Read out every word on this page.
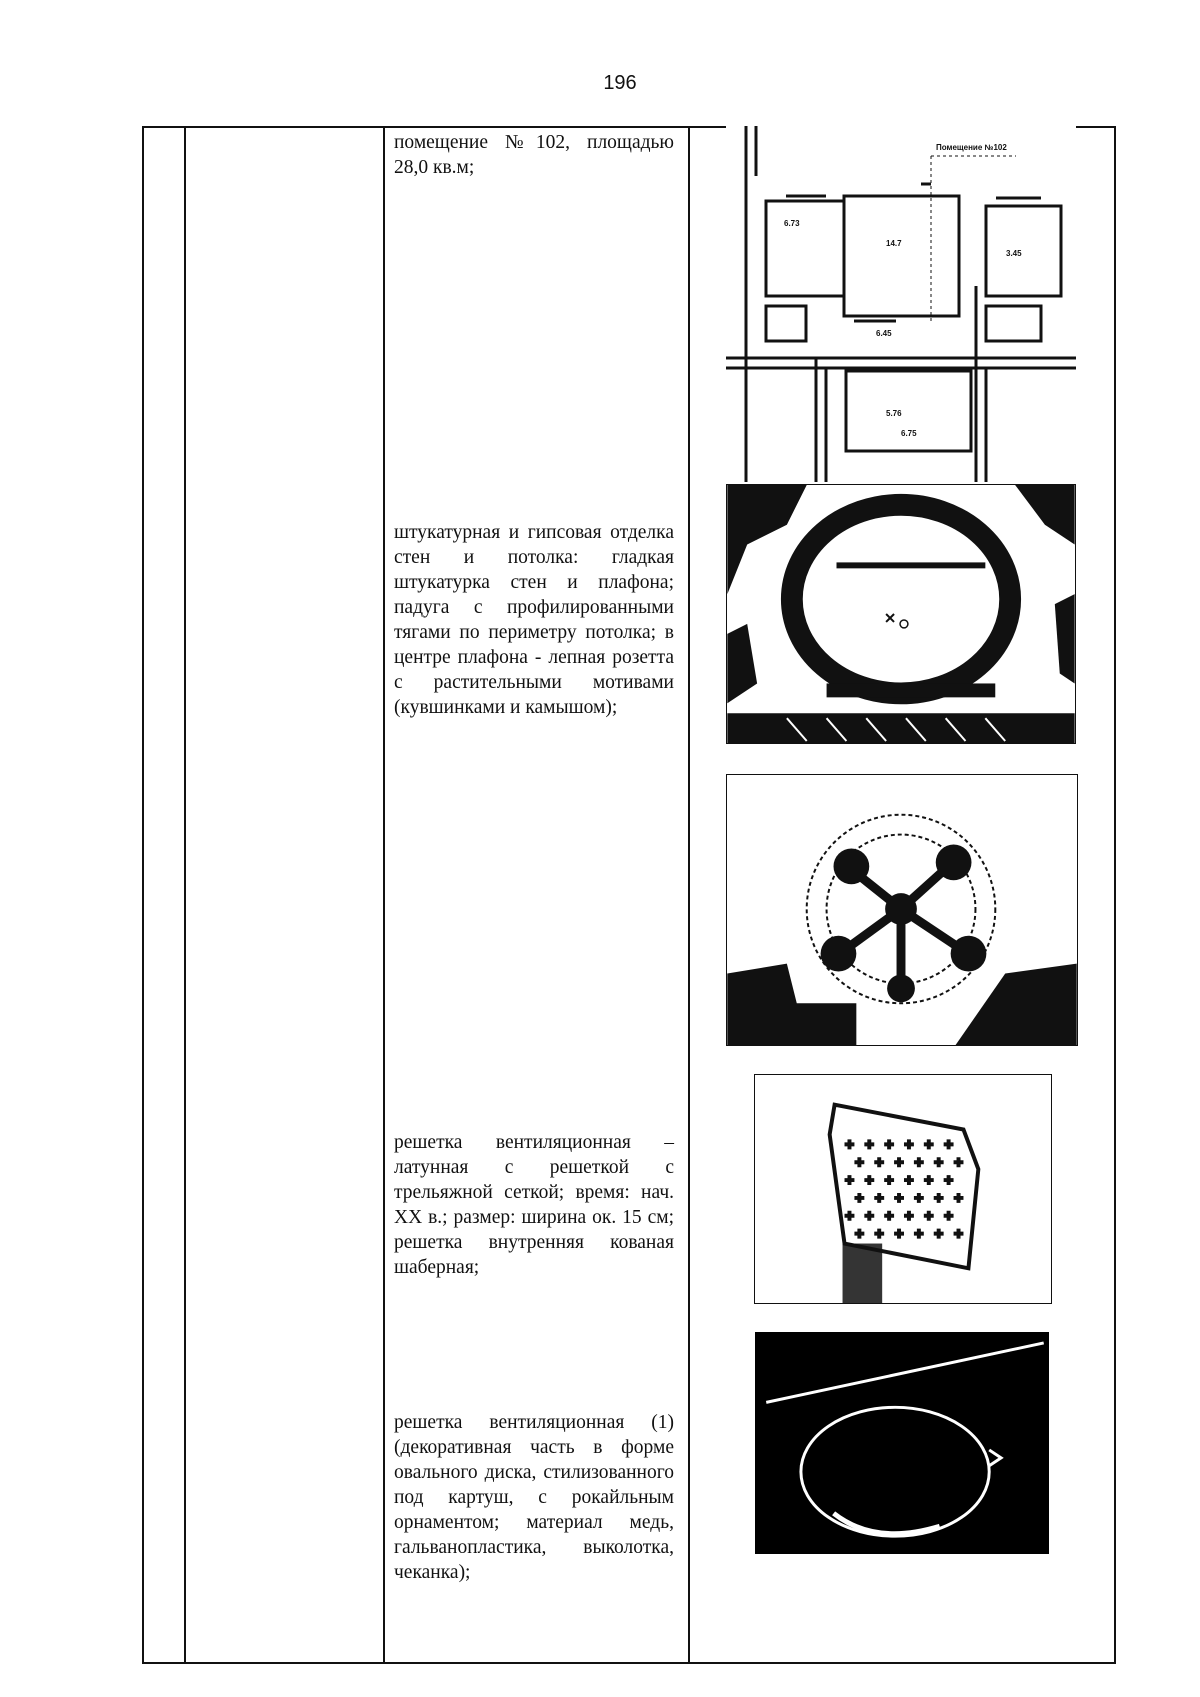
196
помещение №102, площадью 28,0 кв.м;
штукатурная и гипсовая отделка стен и потолка: гладкая штукатурка стен и плафона; падуга с профилированными тягами по периметру потолка; в центре плафона - лепная розетта с растительными мотивами (кувшинками и камышом);
решетка вентиляционная – латунная с решеткой с трельяжной сеткой; время: нач. XX в.; размер: ширина ок. 15 см; решетка внутренняя кованая шаберная;
решетка вентиляционная (1) (декоративная часть в форме овального диска, стилизованного под картуш, с рокайльным орнаментом; материал медь, гальванопластика, выколотка, чеканка);
Помещение №102
6.73
14.7
6.45
3.45
5.76
6.75
